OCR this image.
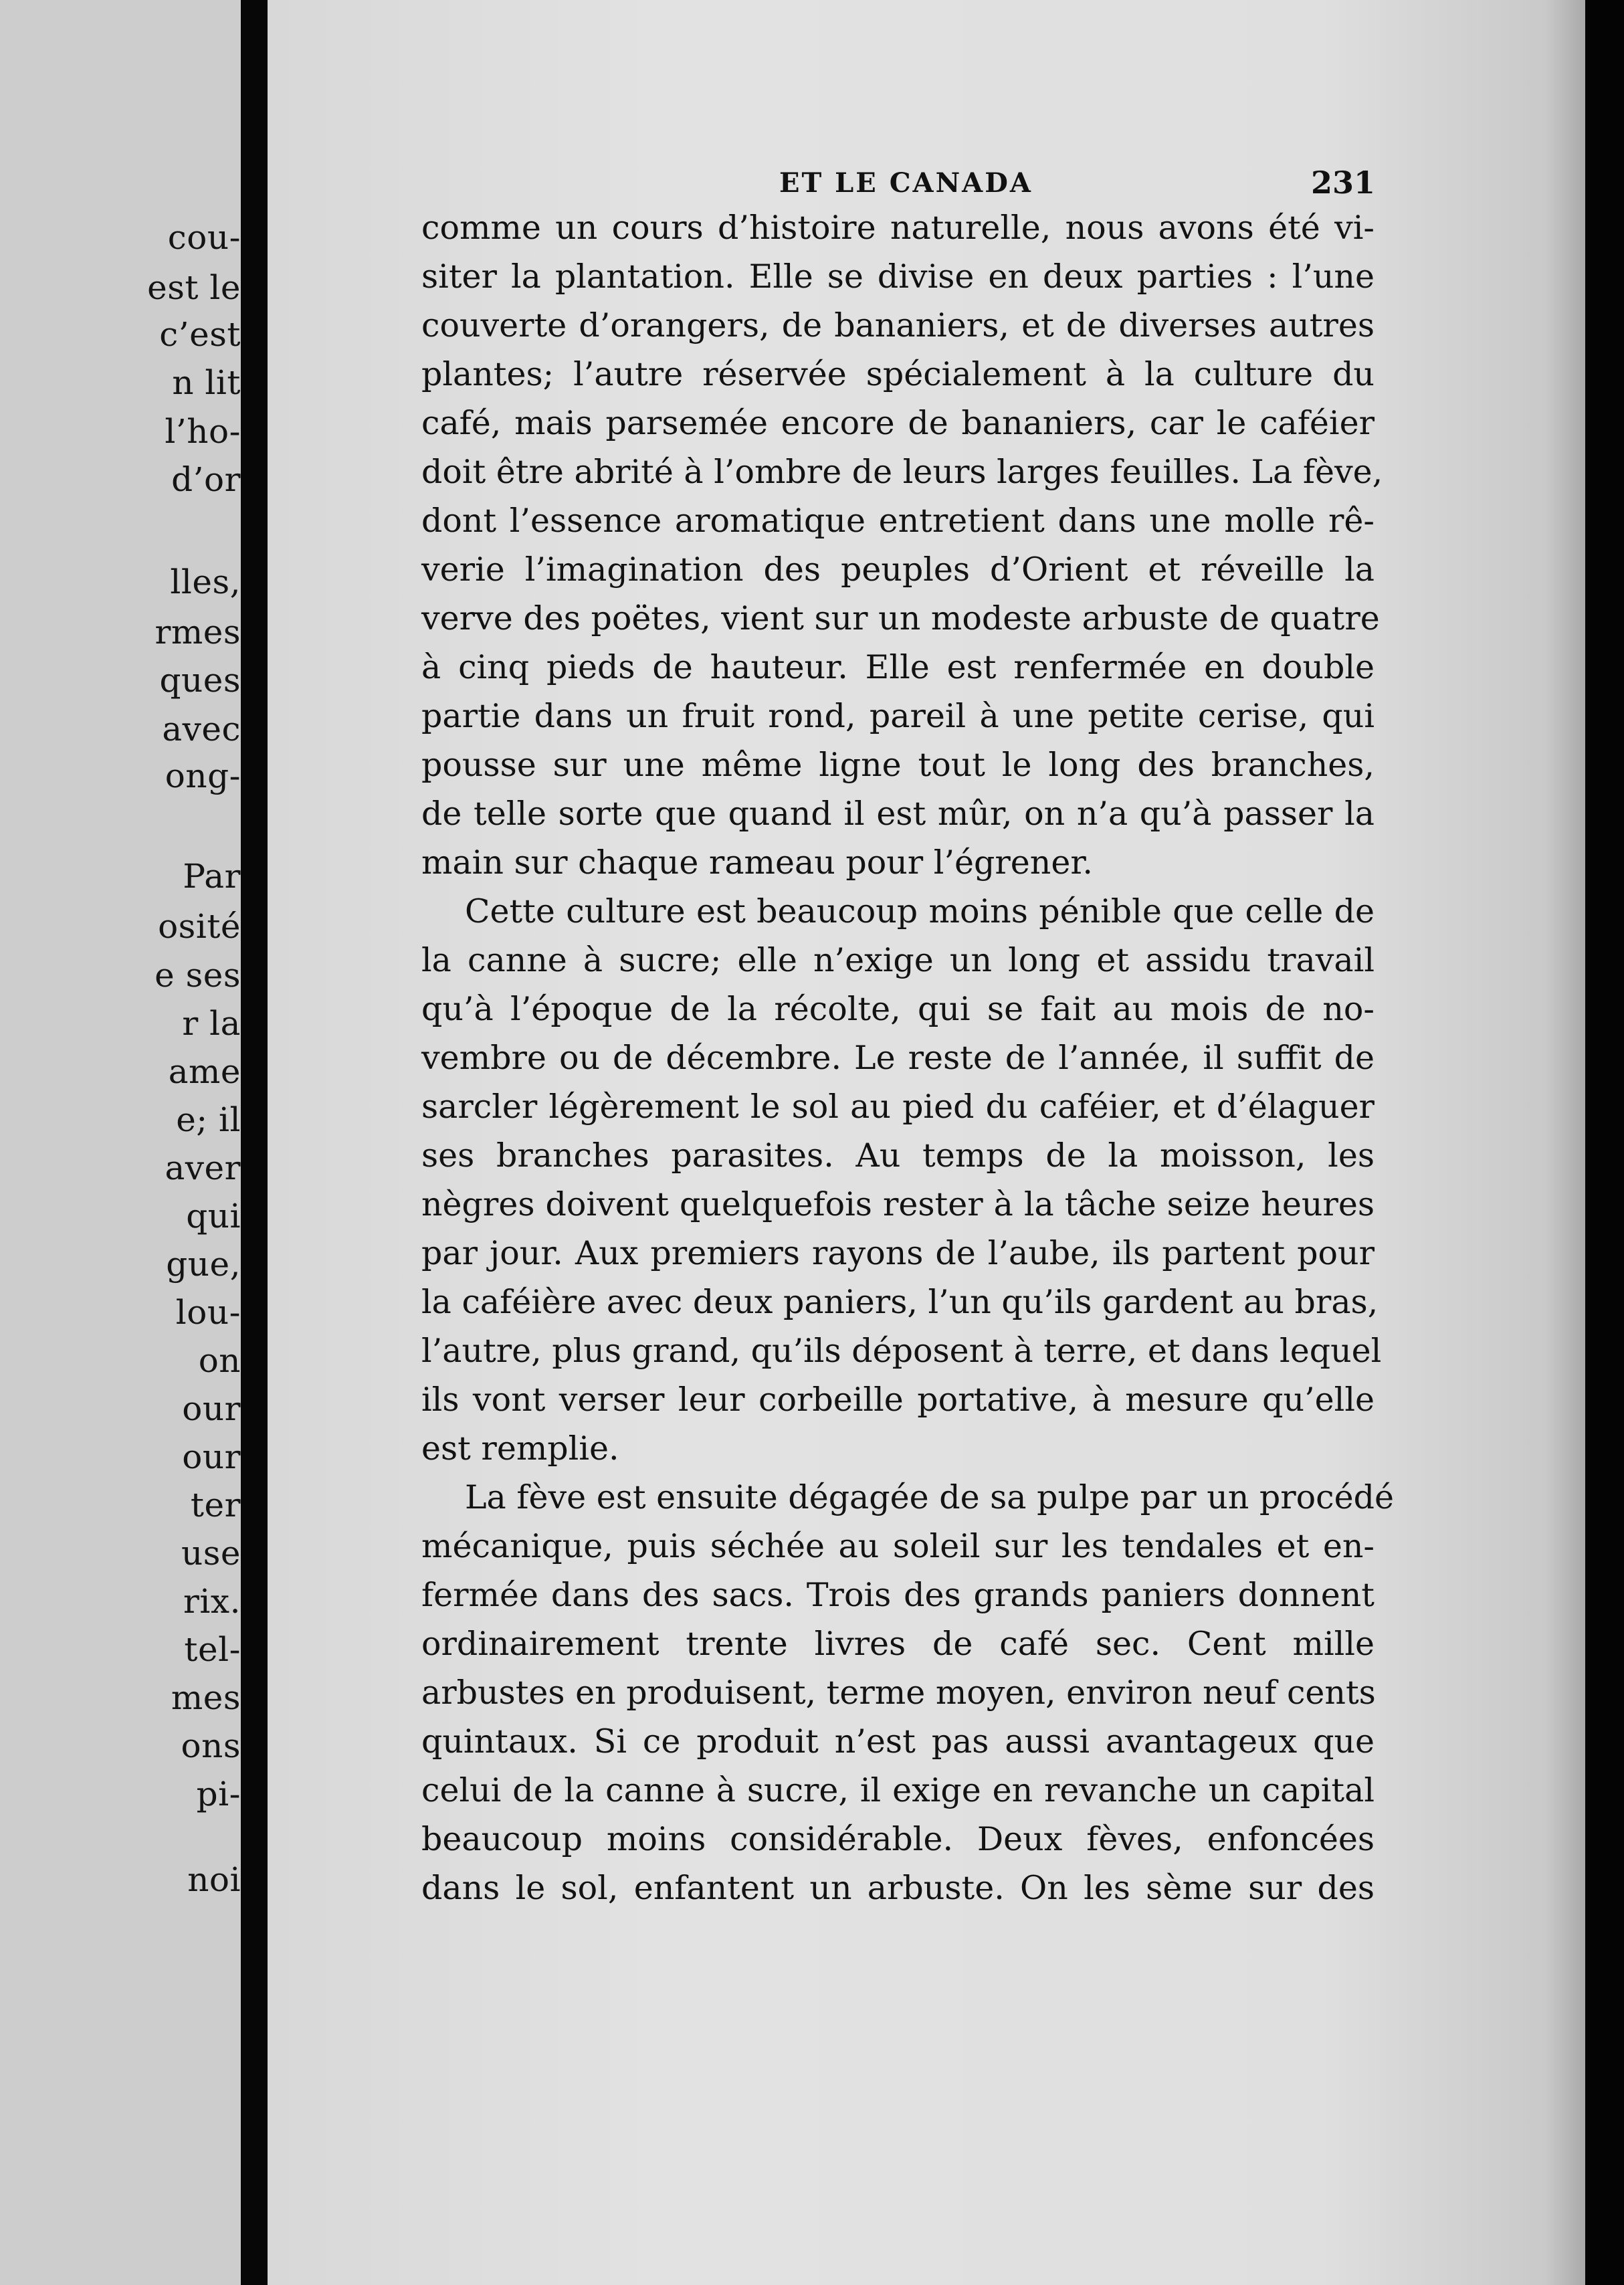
cou-
est le
c’est
n lit
l’ho-
d’or
lles,
rmes
ques
avec
ong-
Par
osité
e ses
r la
ame
e; il
aver
qui
gue,
lou-
on
our
our
ter
use
rix.
tel-
mes
ons
pi-
noi
ET LE CANADA	231
comme un cours d’histoire naturelle, nous avons été vi-
siter la plantation. Elle se divise en deux parties : l’une
couverte d’orangers, de bananiers, et de diverses autres
plantes; l’autre réservée spécialement à la culture du
café, mais parsemée encore de bananiers, car le caféier
doit être abrité à l’ombre de leurs larges feuilles. La fève,
dont l’essence aromatique entretient dans une molle rê-
verie l’imagination des peuples d’Orient et réveille la
verve des poëtes, vient sur un modeste arbuste de quatre
à cinq pieds de hauteur. Elle est renfermée en double
partie dans un fruit rond, pareil à une petite cerise, qui
pousse sur une même ligne tout le long des branches,
de telle sorte que quand il est mûr, on n’a qu’à passer la
main sur chaque rameau pour l’égrener.
Cette culture est beaucoup moins pénible que celle de
la canne à sucre; elle n’exige un long et assidu travail
qu’à l’époque de la récolte, qui se fait au mois de no-
vembre ou de décembre. Le reste de l’année, il suffit de
sarcler légèrement le sol au pied du caféier, et d’élaguer
ses branches parasites. Au temps de la moisson, les
nègres doivent quelquefois rester à la tâche seize heures
par jour. Aux premiers rayons de l’aube, ils partent pour
la caféière avec deux paniers, l’un qu’ils gardent au bras,
l’autre, plus grand, qu’ils déposent à terre, et dans lequel
ils vont verser leur corbeille portative, à mesure qu’elle
est remplie.
La fève est ensuite dégagée de sa pulpe par un procédé
mécanique, puis séchée au soleil sur les tendales et en-
fermée dans des sacs. Trois des grands paniers donnent
ordinairement trente livres de café sec. Cent mille
arbustes en produisent, terme moyen, environ neuf cents
quintaux. Si ce produit n’est pas aussi avantageux que
celui de la canne à sucre, il exige en revanche un capital
beaucoup moins considérable. Deux fèves, enfoncées
dans le sol, enfantent un arbuste. On les sème sur des
